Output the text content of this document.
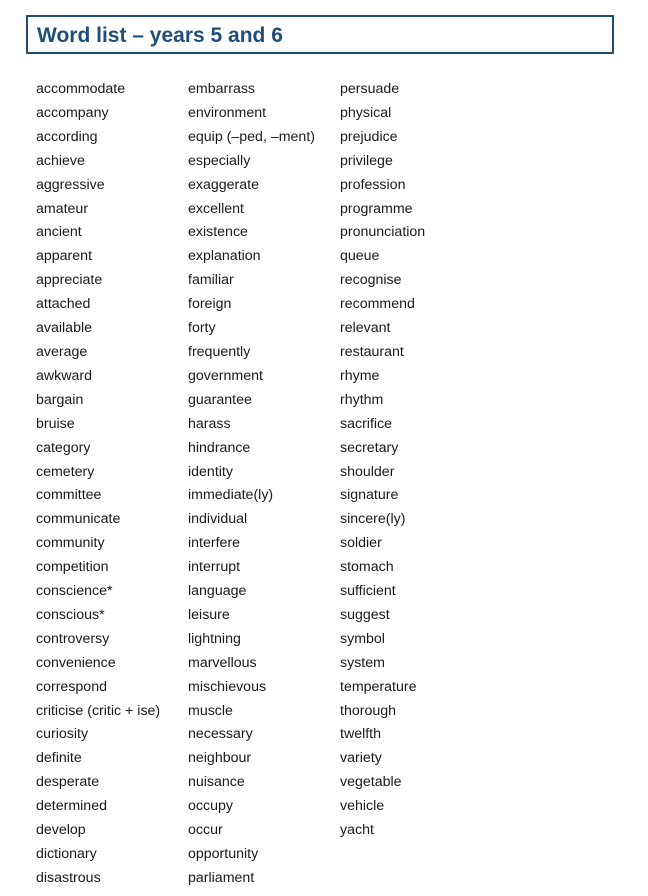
Word list – years 5 and 6
accommodate
accompany
according
achieve
aggressive
amateur
ancient
apparent
appreciate
attached
available
average
awkward
bargain
bruise
category
cemetery
committee
communicate
community
competition
conscience*
conscious*
controversy
convenience
correspond
criticise (critic + ise)
curiosity
definite
desperate
determined
develop
dictionary
disastrous
embarrass
environment
equip (–ped, –ment)
especially
exaggerate
excellent
existence
explanation
familiar
foreign
forty
frequently
government
guarantee
harass
hindrance
identity
immediate(ly)
individual
interfere
interrupt
language
leisure
lightning
marvellous
mischievous
muscle
necessary
neighbour
nuisance
occupy
occur
opportunity
parliament
persuade
physical
prejudice
privilege
profession
programme
pronunciation
queue
recognise
recommend
relevant
restaurant
rhyme
rhythm
sacrifice
secretary
shoulder
signature
sincere(ly)
soldier
stomach
sufficient
suggest
symbol
system
temperature
thorough
twelfth
variety
vegetable
vehicle
yacht
